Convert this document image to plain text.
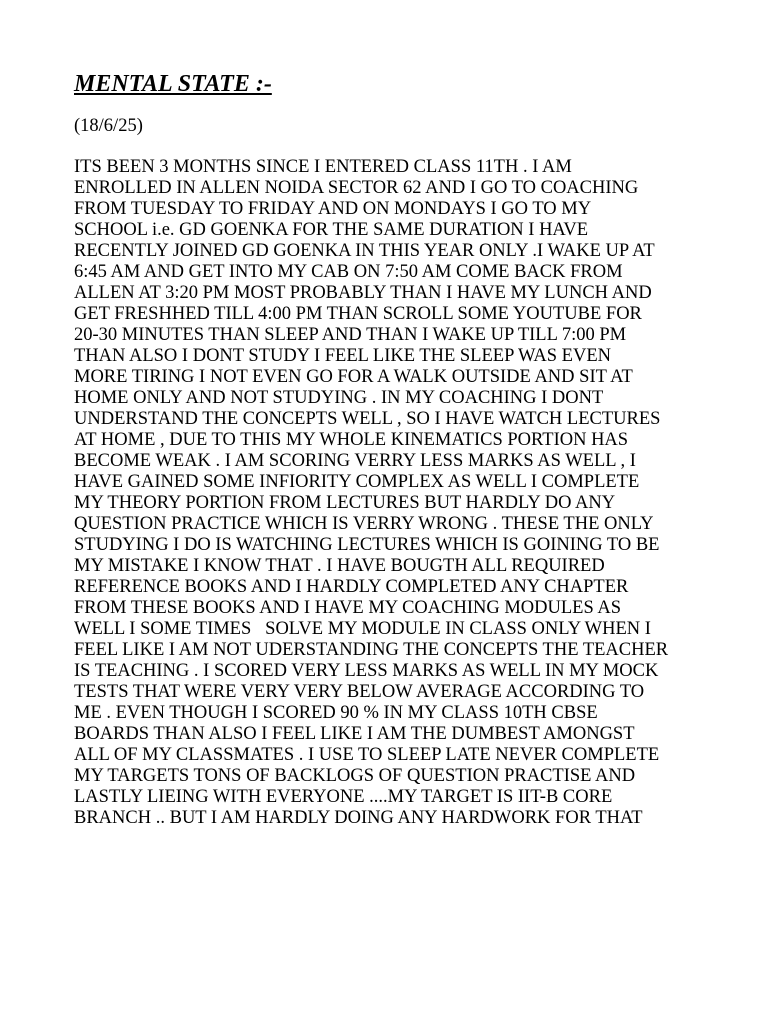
MENTAL STATE :-

(18/6/25)

ITS BEEN 3 MONTHS SINCE I ENTERED CLASS 11TH . I AM
ENROLLED IN ALLEN NOIDA SECTOR 62 AND I GO TO COACHING
FROM TUESDAY TO FRIDAY AND ON MONDAYS I GO TO MY
SCHOOL i.e. GD GOENKA FOR THE SAME DURATION I HAVE
RECENTLY JOINED GD GOENKA IN THIS YEAR ONLY .I WAKE UP AT
6:45 AM AND GET INTO MY CAB ON 7:50 AM COME BACK FROM
ALLEN AT 3:20 PM MOST PROBABLY THAN I HAVE MY LUNCH AND
GET FRESHHED TILL 4:00 PM THAN SCROLL SOME YOUTUBE FOR
20-30 MINUTES THAN SLEEP AND THAN I WAKE UP TILL 7:00 PM
THAN ALSO I DONT STUDY I FEEL LIKE THE SLEEP WAS EVEN
MORE TIRING I NOT EVEN GO FOR A WALK OUTSIDE AND SIT AT
HOME ONLY AND NOT STUDYING . IN MY COACHING I DONT
UNDERSTAND THE CONCEPTS WELL , SO I HAVE WATCH LECTURES
AT HOME , DUE TO THIS MY WHOLE KINEMATICS PORTION HAS
BECOME WEAK . I AM SCORING VERRY LESS MARKS AS WELL , I
HAVE GAINED SOME INFIORITY COMPLEX AS WELL I COMPLETE
MY THEORY PORTION FROM LECTURES BUT HARDLY DO ANY
QUESTION PRACTICE WHICH IS VERRY WRONG . THESE THE ONLY
STUDYING I DO IS WATCHING LECTURES WHICH IS GOINING TO BE
MY MISTAKE I KNOW THAT . I HAVE BOUGTH ALL REQUIRED
REFERENCE BOOKS AND I HARDLY COMPLETED ANY CHAPTER
FROM THESE BOOKS AND I HAVE MY COACHING MODULES AS
WELL I SOME TIMES   SOLVE MY MODULE IN CLASS ONLY WHEN I
FEEL LIKE I AM NOT UDERSTANDING THE CONCEPTS THE TEACHER
IS TEACHING . I SCORED VERY LESS MARKS AS WELL IN MY MOCK
TESTS THAT WERE VERY VERY BELOW AVERAGE ACCORDING TO
ME . EVEN THOUGH I SCORED 90 % IN MY CLASS 10TH CBSE
BOARDS THAN ALSO I FEEL LIKE I AM THE DUMBEST AMONGST
ALL OF MY CLASSMATES . I USE TO SLEEP LATE NEVER COMPLETE
MY TARGETS TONS OF BACKLOGS OF QUESTION PRACTISE AND
LASTLY LIEING WITH EVERYONE ....MY TARGET IS IIT-B CORE
BRANCH .. BUT I AM HARDLY DOING ANY HARDWORK FOR THAT
